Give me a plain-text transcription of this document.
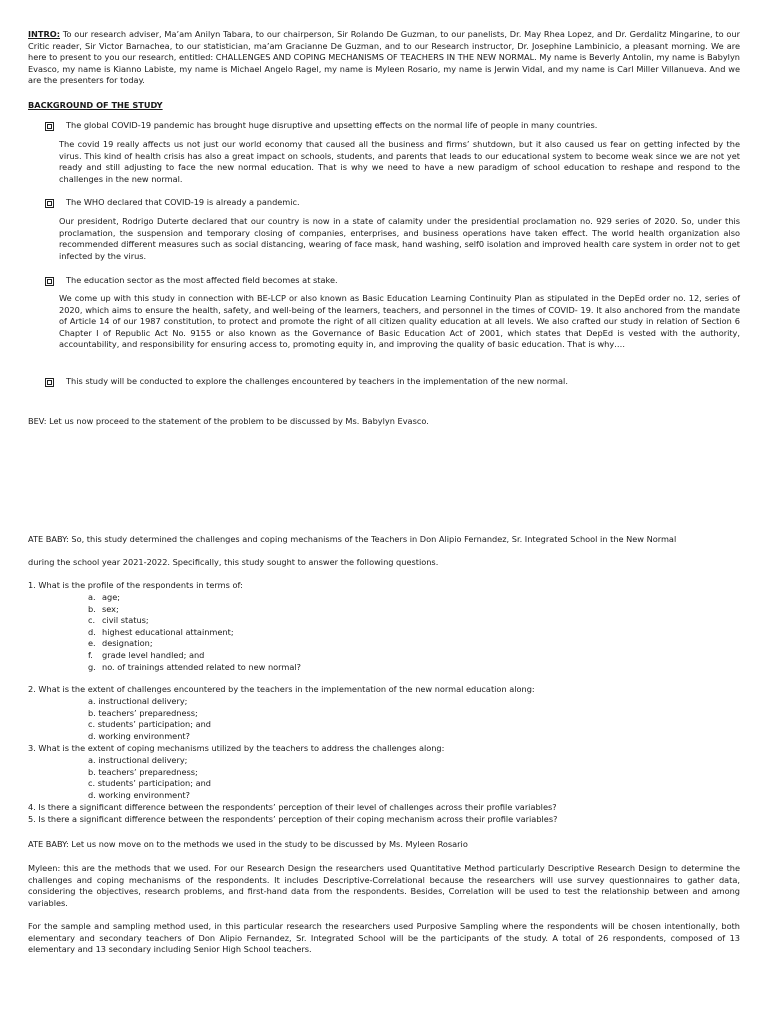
INTRO: To our research adviser, Ma’am Anilyn Tabara, to our chairperson, Sir Rolando De Guzman, to our panelists, Dr. May Rhea Lopez, and Dr. Gerdalitz Mingarine, to our Critic reader, Sir Victor Barnachea, to our statistician, ma’am Gracianne De Guzman, and to our Research instructor, Dr. Josephine Lambinicio, a pleasant morning. We are here to present to you our research, entitled: CHALLENGES AND COPING MECHANISMS OF TEACHERS IN THE NEW NORMAL. My name is Beverly Antolin, my name is Babylyn Evasco, my name is Kianno Labiste, my name is Michael Angelo Ragel, my name is Myleen Rosario, my name is Jerwin Vidal, and my name is Carl Miller Villanueva. And we are the presenters for today.

BACKGROUND OF THE STUDY

The global COVID-19 pandemic has brought huge disruptive and upsetting effects on the normal life of people in many countries.

The covid 19 really affects us not just our world economy that caused all the business and firms’ shutdown, but it also caused us fear on getting infected by the virus. This kind of health crisis has also a great impact on schools, students, and parents that leads to our educational system to become weak since we are not yet ready and still adjusting to face the new normal education. That is why we need to have a new paradigm of school education to reshape and respond to the challenges in the new normal.

The WHO declared that COVID-19 is already a pandemic.

Our president, Rodrigo Duterte declared that our country is now in a state of calamity under the presidential proclamation no. 929 series of 2020. So, under this proclamation, the suspension and temporary closing of companies, enterprises, and business operations have taken effect. The world health organization also recommended different measures such as social distancing, wearing of face mask, hand washing, self0 isolation and improved health care system in order not to get infected by the virus.

The education sector as the most affected field becomes at stake.

We come up with this study in connection with BE-LCP or also known as Basic Education Learning Continuity Plan as stipulated in the DepEd order no. 12, series of 2020, which aims to ensure the health, safety, and well-being of the learners, teachers, and personnel in the times of COVID- 19. It also anchored from the mandate of Article 14 of our 1987 constitution, to protect and promote the right of all citizen quality education at all levels. We also crafted our study in relation of Section 6 Chapter I of Republic Act No. 9155 or also known as the Governance of Basic Education Act of 2001, which states that DepEd is vested with the authority, accountability, and responsibility for ensuring access to, promoting equity in, and improving the quality of basic education. That is why….

This study will be conducted to explore the challenges encountered by teachers in the implementation of the new normal.

BEV: Let us now proceed to the statement of the problem to be discussed by Ms. Babylyn Evasco.

ATE BABY: So, this study determined the challenges and coping mechanisms of the Teachers in Don Alipio Fernandez, Sr. Integrated School in the New Normal

during the school year 2021-2022. Specifically, this study sought to answer the following questions.

1. What is the profile of the respondents in terms of:

a. age;
b. sex;
c. civil status;
d. highest educational attainment;
e. designation;
f.	grade level handled; and
g. no. of trainings attended related to new normal?

2. What is the extent of challenges encountered by the teachers in the implementation of the new normal education along:

a. instructional delivery;
b. teachers’ preparedness;
c. students’ participation; and
d. working environment?

3. What is the extent of coping mechanisms utilized by the teachers to address the challenges along:

a. instructional delivery;
b. teachers’ preparedness;
c. students’ participation; and
d. working environment?

4. Is there a significant difference between the respondents’ perception of their level of challenges across their profile variables?

5. Is there a significant difference between the respondents’ perception of their coping mechanism across their profile variables?

ATE BABY: Let us now move on to the methods we used in the study to be discussed by Ms. Myleen Rosario

Myleen: this are the methods that we used. For our Research Design the researchers used Quantitative Method particularly Descriptive Research Design to determine the challenges and coping mechanisms of the respondents. It includes Descriptive-Correlational because the researchers will use survey questionnaires to gather data, considering the objectives, research problems, and first-hand data from the respondents. Besides, Correlation will be used to test the relationship between and among variables.

For the sample and sampling method used, in this particular research the researchers used Purposive Sampling where the respondents will be chosen intentionally, both elementary and secondary teachers of Don Alipio Fernandez, Sr. Integrated School will be the participants of the study. A total of 26 respondents, composed of 13 elementary and 13 secondary including Senior High School teachers.
